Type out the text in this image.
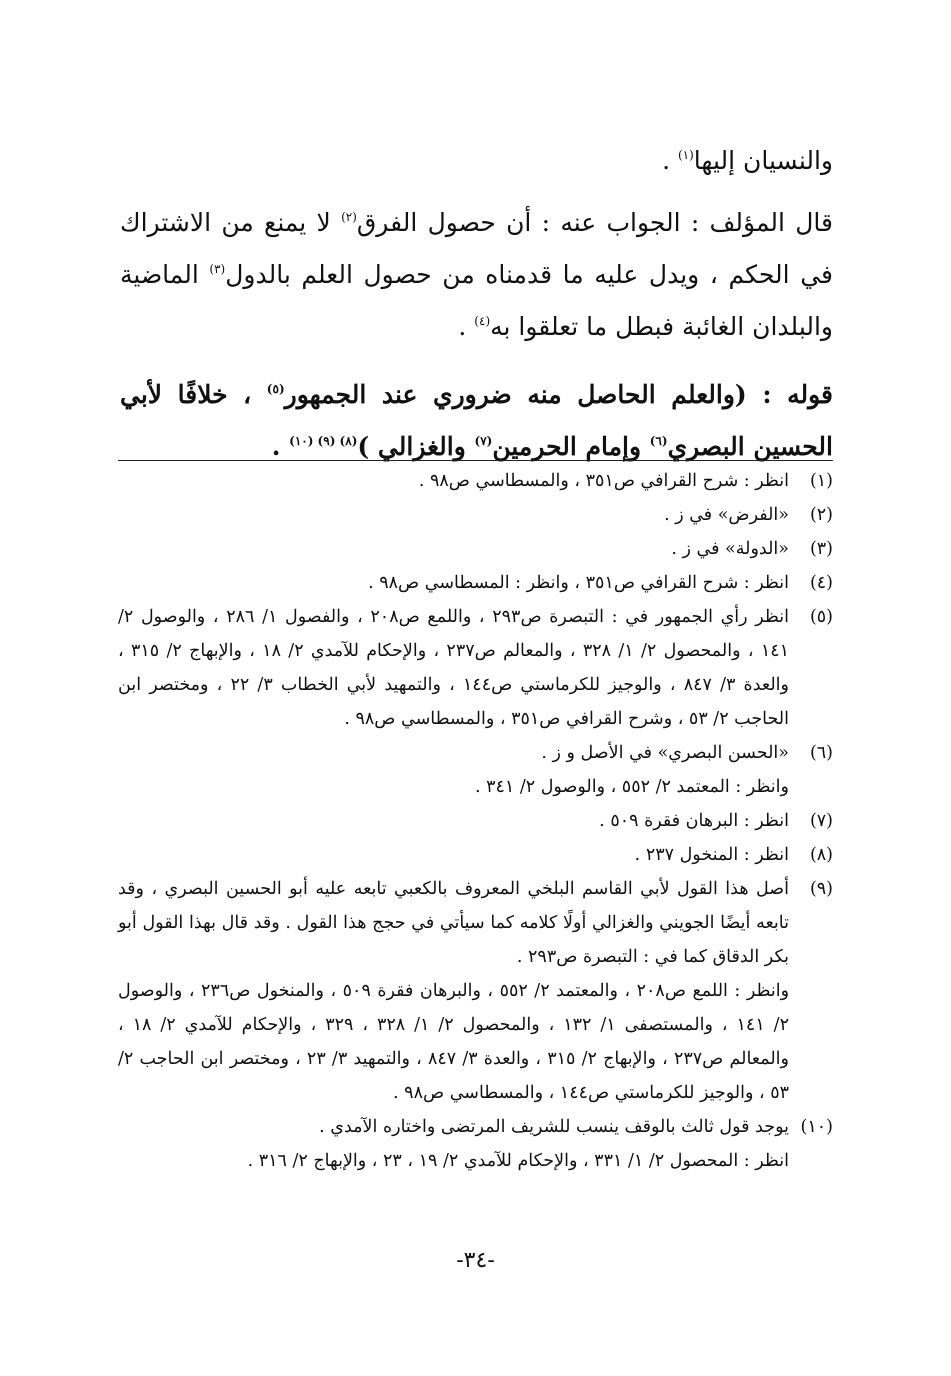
والنسيان إليها$^{(١)}$ .

قال المؤلف : الجواب عنه : أن حصول الفرق$^{(٢)}$ لا يمنع من الاشتراك في الحكم ، ويدل عليه ما قدمناه من حصول العلم بالدول$^{(٣)}$ الماضية والبلدان الغائبة فبطل ما تعلقوا به$^{(٤)}$ .

قوله : (والعلم الحاصل منه ضروري عند الجمهور$^{(٥)}$ ، خلافًا لأبي الحسين البصري$^{(٦)}$ وإمام الحرمين$^{(٧)}$ والغزالي )$^{(٨) (٩) (١٠)}$ .

(١)
انظر : شرح القرافي ص٣٥١ ، والمسطاسي ص٩٨ .
(٢)
«الفرض» في ز .
(٣)
«الدولة» في ز .
(٤)
انظر : شرح القرافي ص٣٥١ ، وانظر : المسطاسي ص٩٨ .
(٥)
انظر رأي الجمهور في : التبصرة ص٢٩٣ ، واللمع ص٢٠٨ ، والفصول ١/ ٢٨٦ ، والوصول ٢/ ١٤١ ، والمحصول ٢/ ١/ ٣٢٨ ، والمعالم ص٢٣٧ ، والإحكام للآمدي ٢/ ١٨ ، والإبهاج ٢/ ٣١٥ ، والعدة ٣/ ٨٤٧ ، والوجيز للكرماستي ص١٤٤ ، والتمهيد لأبي الخطاب ٣/ ٢٢ ، ومختصر ابن الحاجب ٢/ ٥٣ ، وشرح القرافي ص٣٥١ ، والمسطاسي ص٩٨ .
(٦)
«الحسن البصري» في الأصل و ز .
وانظر : المعتمد ٢/ ٥٥٢ ، والوصول ٢/ ٣٤١ .
(٧)
انظر : البرهان فقرة ٥٠٩ .
(٨)
انظر : المنخول ٢٣٧ .
(٩)
أصل هذا القول لأبي القاسم البلخي المعروف بالكعبي تابعه عليه أبو الحسين البصري ، وقد تابعه أيضًا الجويني والغزالي أولًا كلامه كما سيأتي في حجج هذا القول . وقد قال بهذا القول أبو بكر الدقاق كما في : التبصرة ص٢٩٣ .
وانظر : اللمع ص٢٠٨ ، والمعتمد ٢/ ٥٥٢ ، والبرهان فقرة ٥٠٩ ، والمنخول ص٢٣٦ ، والوصول ٢/ ١٤١ ، والمستصفى ١/ ١٣٢ ، والمحصول ٢/ ١/ ٣٢٨ ، ٣٢٩ ، والإحكام للآمدي ٢/ ١٨ ، والمعالم ص٢٣٧ ، والإبهاج ٢/ ٣١٥ ، والعدة ٣/ ٨٤٧ ، والتمهيد ٣/ ٢٣ ، ومختصر ابن الحاجب ٢/ ٥٣ ، والوجيز للكرماستي ص١٤٤ ، والمسطاسي ص٩٨ .
(١٠)
يوجد قول ثالث بالوقف ينسب للشريف المرتضى واختاره الآمدي .
انظر : المحصول ٢/ ١/ ٣٣١ ، والإحكام للآمدي ٢/ ١٩ ، ٢٣ ، والإبهاج ٢/ ٣١٦ .
-٣٤-
